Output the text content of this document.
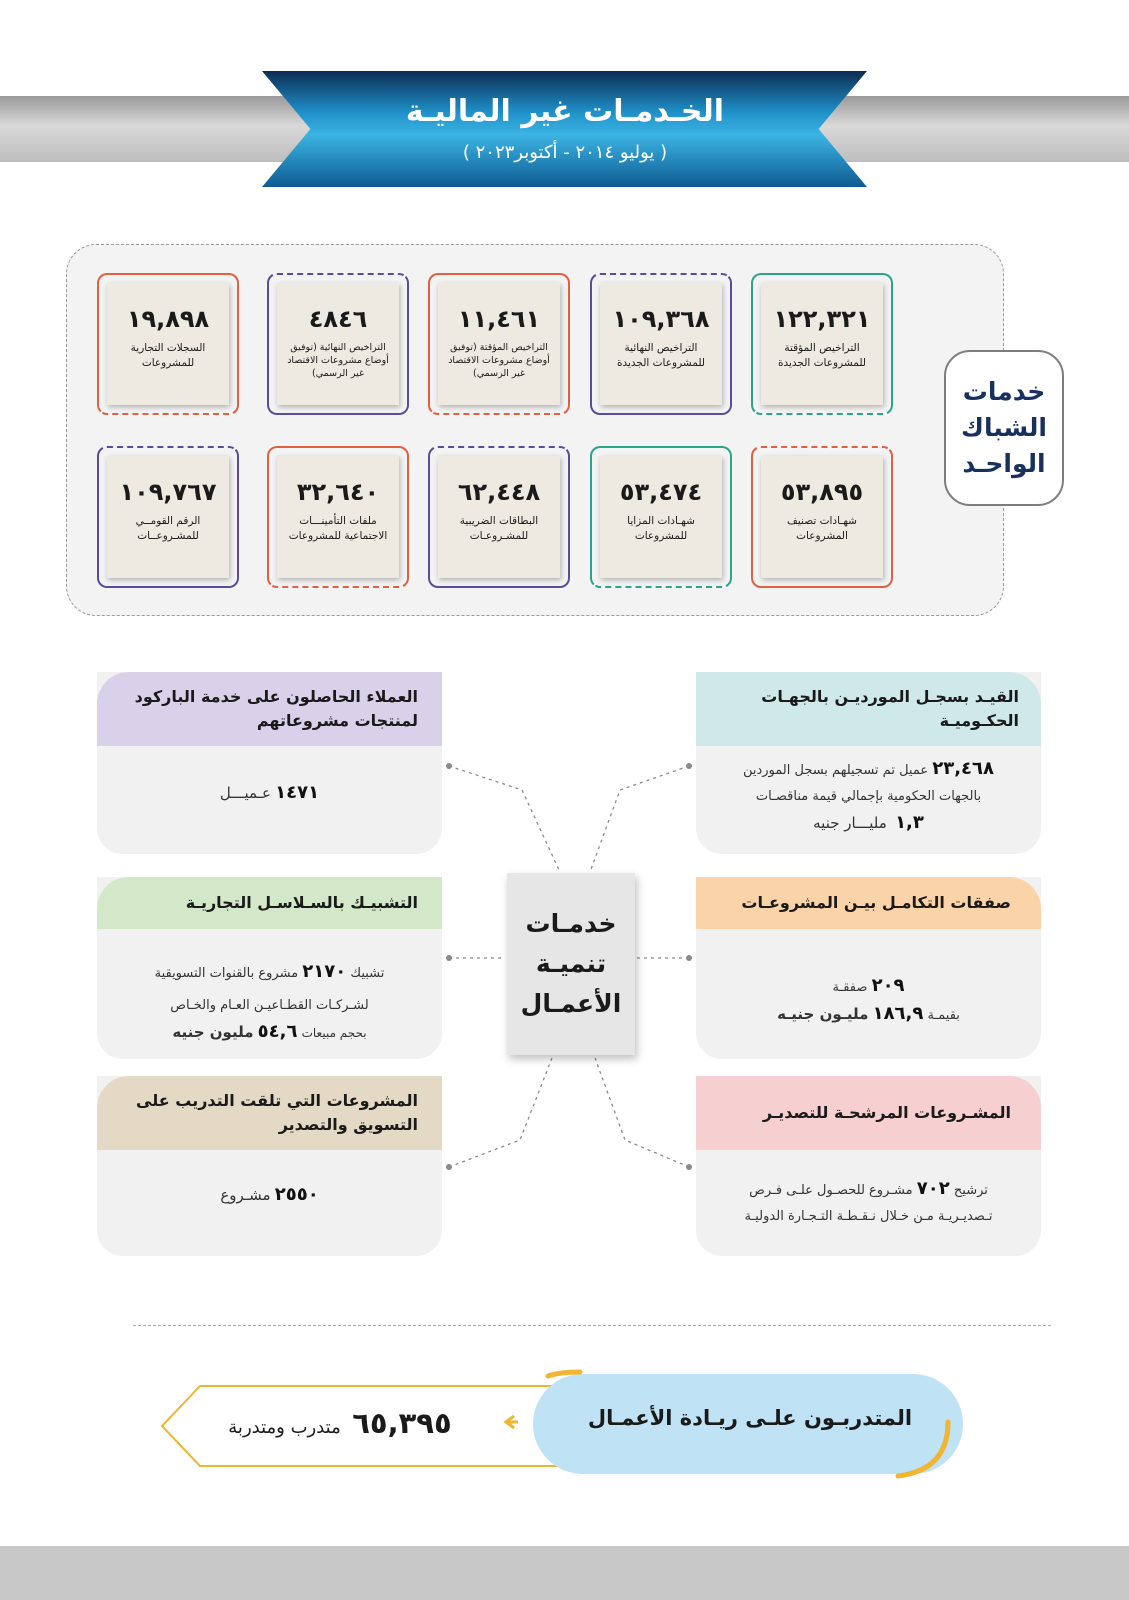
الخـدمـات غير الماليـة
( يوليو ٢٠١٤ - أكتوبر٢٠٢٣ )
خدمات الشباك الواحـد
١٢٢,٣٢١
التراخيص المؤقتة للمشروعات الجديدة
١٠٩,٣٦٨
التراخيص النهائية للمشروعات الجديدة
١١,٤٦١
التراخيص المؤقتة (توفيق أوضاع مشروعات الاقتصاد غير الرسمي)
٤٨٤٦
التراخيص النهائية (توفيق أوضاع مشروعات الاقتصاد غير الرسمي)
١٩,٨٩٨
السجلات التجارية للمشروعات
٥٣,٨٩٥
شهـادات تصنيف المشروعات
٥٣,٤٧٤
شهـادات المزايا للمشروعات
٦٢,٤٤٨
البطاقات الضريبية للمشـروعـات
٣٢,٦٤٠
ملفات التأمينـــات الاجتماعية للمشروعات
١٠٩,٧٦٧
الرقم القومــي للمشـروعــات
خدمـات تنميـة الأعمـال
القيـد بسجـل المورديـن بالجهـات الحكـوميـة
٢٣,٤٦٨ عميل تم تسجيلهم بسجل الموردين
بالجهات الحكومية بإجمالي قيمة مناقصـات
١,٣  مليـــار جنيه
العملاء الحاصلون على خدمة الباركود لمنتجات مشروعاتهم
١٤٧١ عـميـــل
صفقات التكامـل بيـن المشروعـات
٢٠٩ صفقـة
بقيمـة ١٨٦,٩ مليـون جنيـه
التشبيـك بالسـلاسـل التجاريـة
تشبيك ٢١٧٠ مشروع بالقنوات التسويقية
لشـركـات القطـاعيـن العـام والخـاص
بحجم مبيعات ٥٤,٦ مليون جنيه
المشـروعات المرشحـة للتصديـر
ترشيح ٧٠٢ مشـروع للحصـول علـى فـرص
تـصديـريـة مـن خـلال نـقـطـة التـجـارة الدوليـة
المشروعات التي تلقت التدريب على التسويق والتصدير
٢٥٥٠ مشـروع
٦٥,٣٩٥  متدرب ومتدربة	المتدربـون علـى ريـادة الأعمـال
